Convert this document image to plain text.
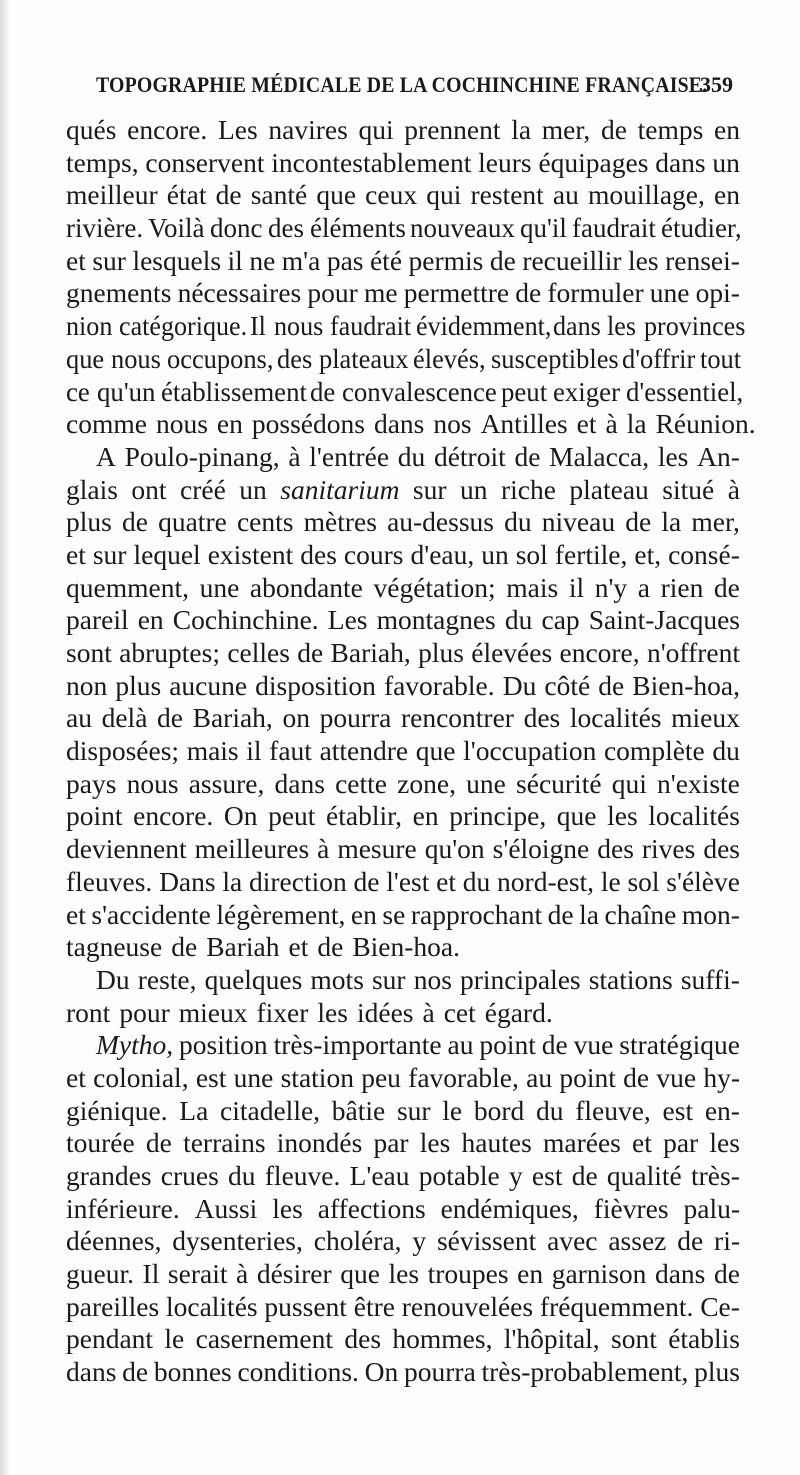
TOPOGRAPHIE MÉDICALE DE LA COCHINCHINE FRANÇAISE.
359
qués encore. Les navires qui prennent la mer, de temps en
temps, conservent incontestablement leurs équipages dans un
meilleur état de santé que ceux qui restent au mouillage, en
rivière. Voilà donc des éléments nouveaux qu'il faudrait étudier,
et sur lesquels il ne m'a pas été permis de recueillir les rensei-
gnements nécessaires pour me permettre de formuler une opi-
nion catégorique. Il nous faudrait évidemment, dans les provinces
que nous occupons, des plateaux élevés, susceptibles d'offrir tout
ce qu'un établissement de convalescence peut exiger d'essentiel,
comme nous en possédons dans nos Antilles et à la Réunion.
A Poulo-pinang, à l'entrée du détroit de Malacca, les An-
glais ont créé un sanitarium sur un riche plateau situé à
plus de quatre cents mètres au-dessus du niveau de la mer,
et sur lequel existent des cours d'eau, un sol fertile, et, consé-
quemment, une abondante végétation; mais il n'y a rien de
pareil en Cochinchine. Les montagnes du cap Saint-Jacques
sont abruptes; celles de Bariah, plus élevées encore, n'offrent
non plus aucune disposition favorable. Du côté de Bien-hoa,
au delà de Bariah, on pourra rencontrer des localités mieux
disposées; mais il faut attendre que l'occupation complète du
pays nous assure, dans cette zone, une sécurité qui n'existe
point encore. On peut établir, en principe, que les localités
deviennent meilleures à mesure qu'on s'éloigne des rives des
fleuves. Dans la direction de l'est et du nord-est, le sol s'élève
et s'accidente légèrement, en se rapprochant de la chaîne mon-
tagneuse de Bariah et de Bien-hoa.
Du reste, quelques mots sur nos principales stations suffi-
ront pour mieux fixer les idées à cet égard.
Mytho, position très-importante au point de vue stratégique
et colonial, est une station peu favorable, au point de vue hy-
giénique. La citadelle, bâtie sur le bord du fleuve, est en-
tourée de terrains inondés par les hautes marées et par les
grandes crues du fleuve. L'eau potable y est de qualité très-
inférieure. Aussi les affections endémiques, fièvres palu-
déennes, dysenteries, choléra, y sévissent avec assez de ri-
gueur. Il serait à désirer que les troupes en garnison dans de
pareilles localités pussent être renouvelées fréquemment. Ce-
pendant le casernement des hommes, l'hôpital, sont établis
dans de bonnes conditions. On pourra très-probablement, plus
